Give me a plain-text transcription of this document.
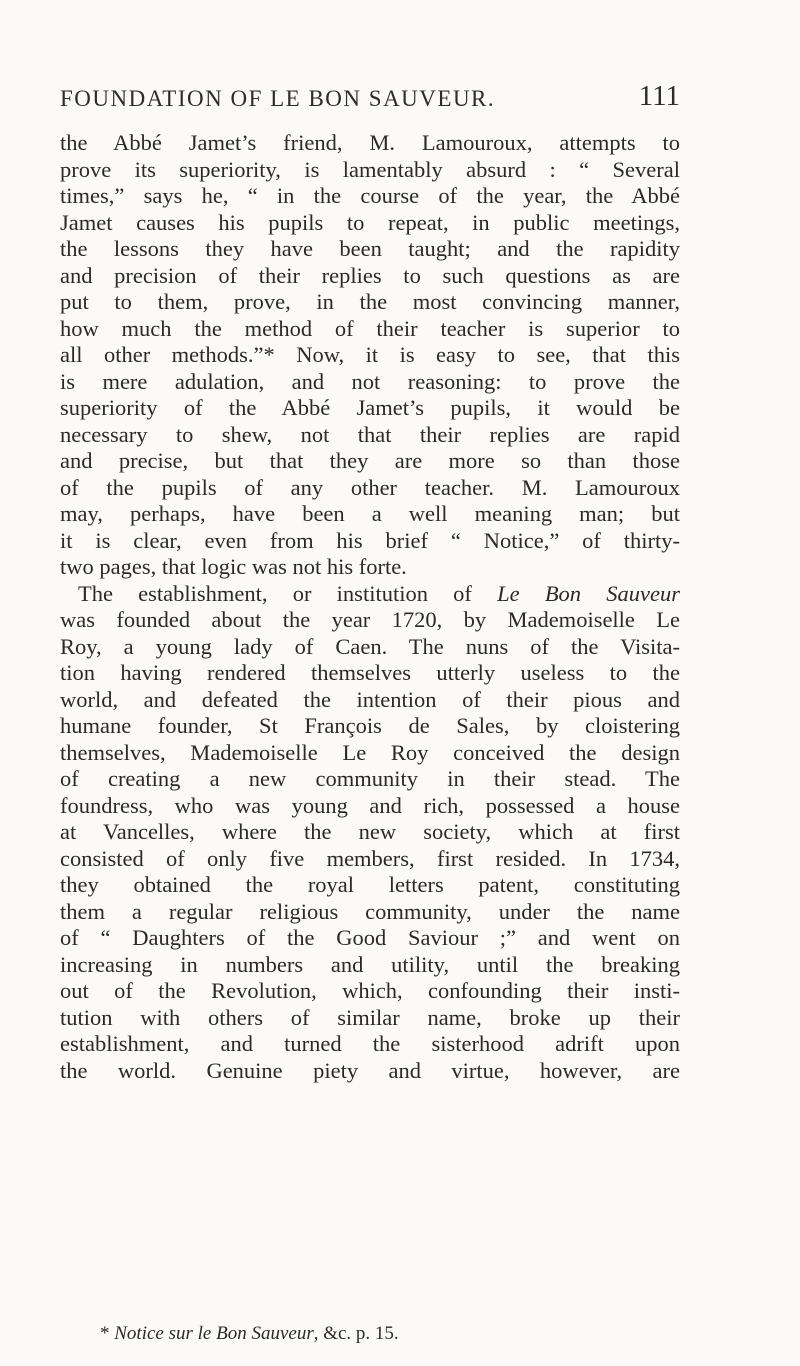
FOUNDATION OF LE BON SAUVEUR.	111
the Abbé Jamet’s friend, M. Lamouroux, attempts to
prove its superiority, is lamentably absurd : “ Several
times,” says he, “ in the course of the year, the Abbé
Jamet causes his pupils to repeat, in public meetings,
the lessons they have been taught; and the rapidity
and precision of their replies to such questions as are
put to them, prove, in the most convincing manner,
how much the method of their teacher is superior to
all other methods.”* Now, it is easy to see, that this
is mere adulation, and not reasoning: to prove the
superiority of the Abbé Jamet’s pupils, it would be
necessary to shew, not that their replies are rapid
and precise, but that they are more so than those
of the pupils of any other teacher. M. Lamouroux
may, perhaps, have been a well meaning man; but
it is clear, even from his brief “ Notice,” of thirty-
two pages, that logic was not his forte.
The establishment, or institution of Le Bon Sauveur
was founded about the year 1720, by Mademoiselle Le
Roy, a young lady of Caen. The nuns of the Visita-
tion having rendered themselves utterly useless to the
world, and defeated the intention of their pious and
humane founder, St François de Sales, by cloistering
themselves, Mademoiselle Le Roy conceived the design
of creating a new community in their stead. The
foundress, who was young and rich, possessed a house
at Vancelles, where the new society, which at first
consisted of only five members, first resided. In 1734,
they obtained the royal letters patent, constituting
them a regular religious community, under the name
of “ Daughters of the Good Saviour ;” and went on
increasing in numbers and utility, until the breaking
out of the Revolution, which, confounding their insti-
tution with others of similar name, broke up their
establishment, and turned the sisterhood adrift upon
the world. Genuine piety and virtue, however, are
* Notice sur le Bon Sauveur, &c. p. 15.
